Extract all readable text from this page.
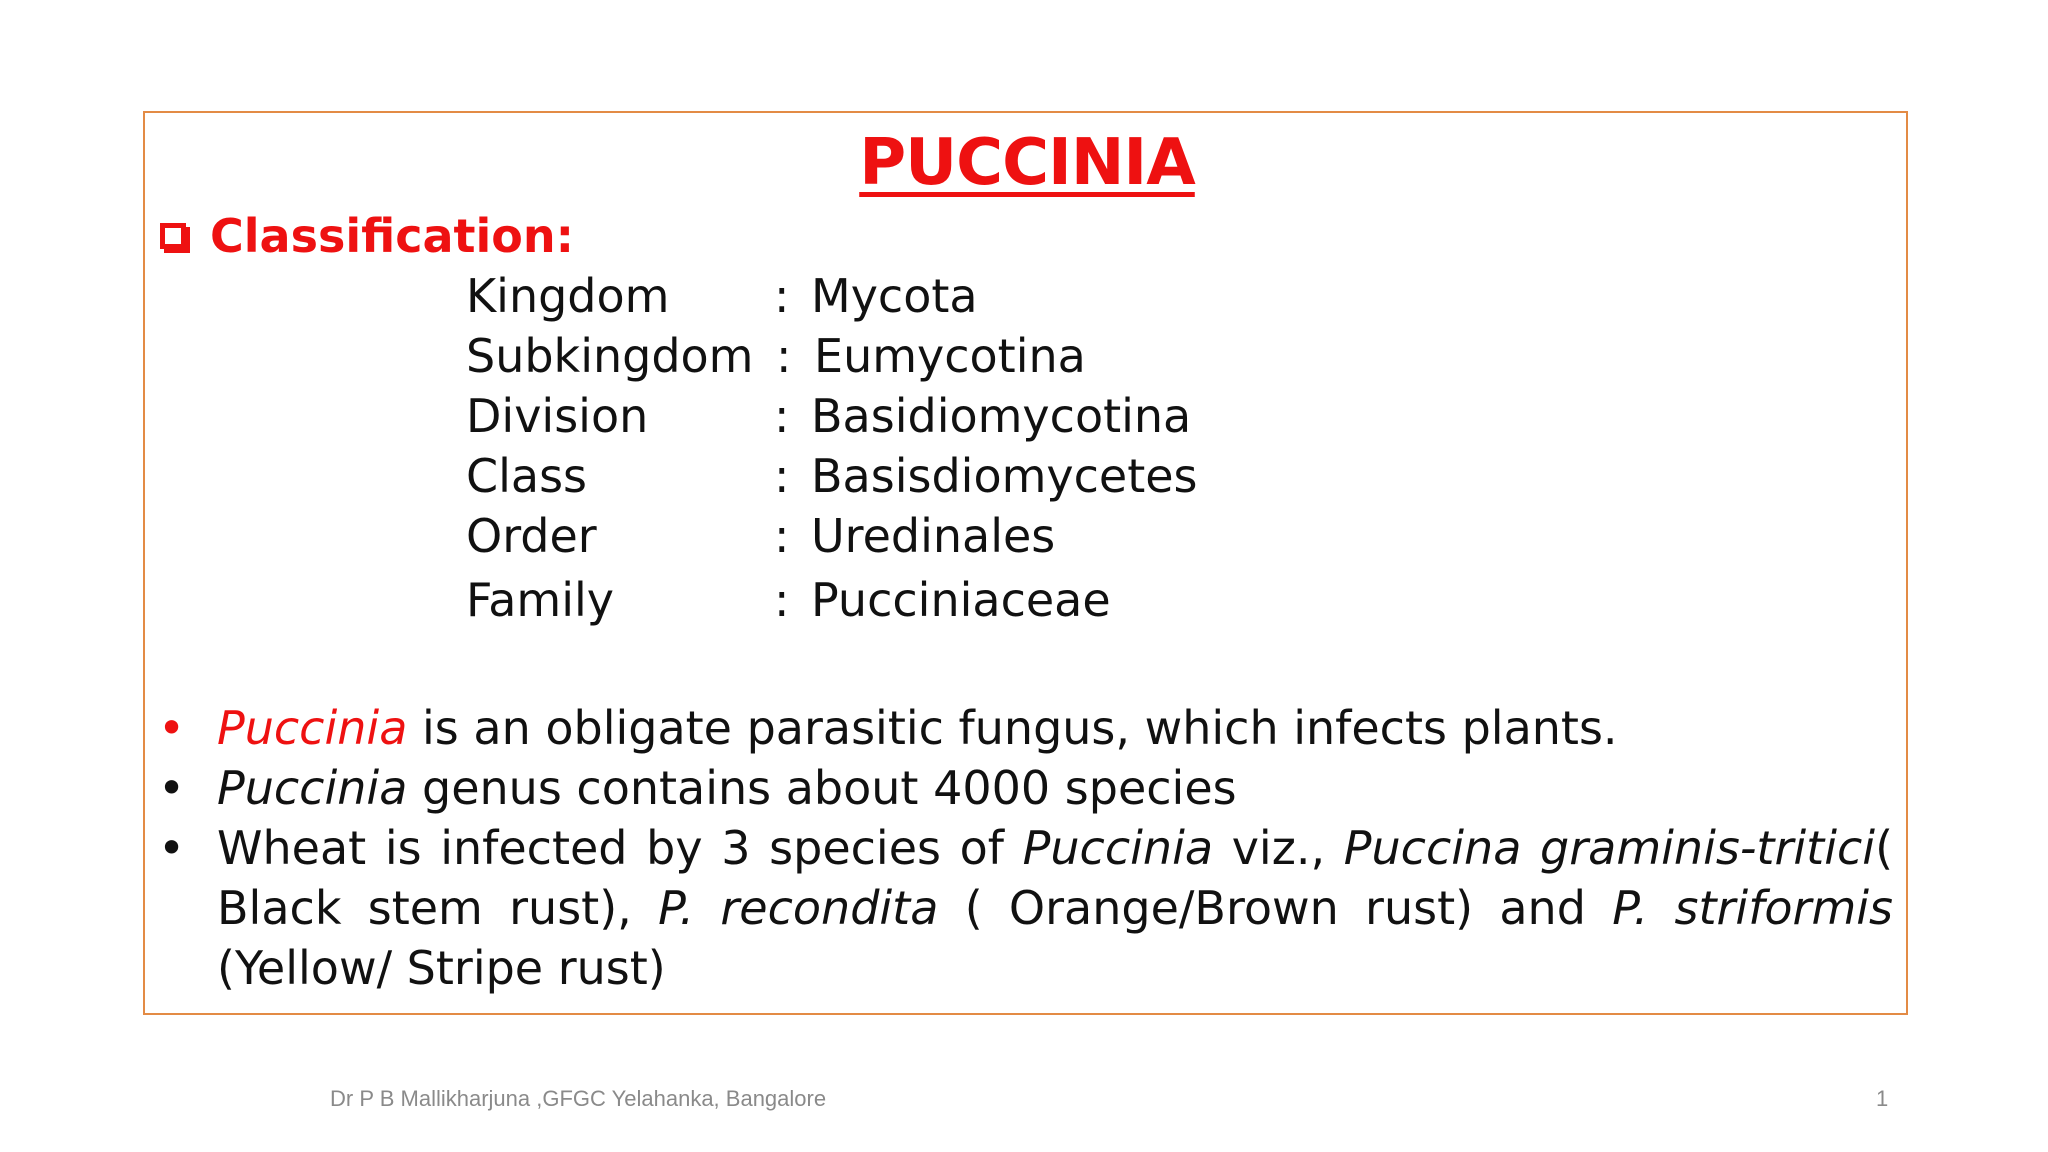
PUCCINIA
Classification:
Kingdom : Mycota
Subkingdom : Eumycotina
Division	: Basidiomycotina
Class	: Basisdiomycetes
Order	: Uredinales
Family	: Pucciniaceae
• Puccinia is an obligate parasitic fungus, which infects plants.
• Puccinia genus contains about 4000 species
• Wheat is infected by 3 species of Puccinia viz., Puccina graminis-tritici( Black stem rust), P. recondita ( Orange/Brown rust) and P. striformis (Yellow/ Stripe rust)
Dr P B Mallikharjuna ,GFGC Yelahanka, Bangalore	1
